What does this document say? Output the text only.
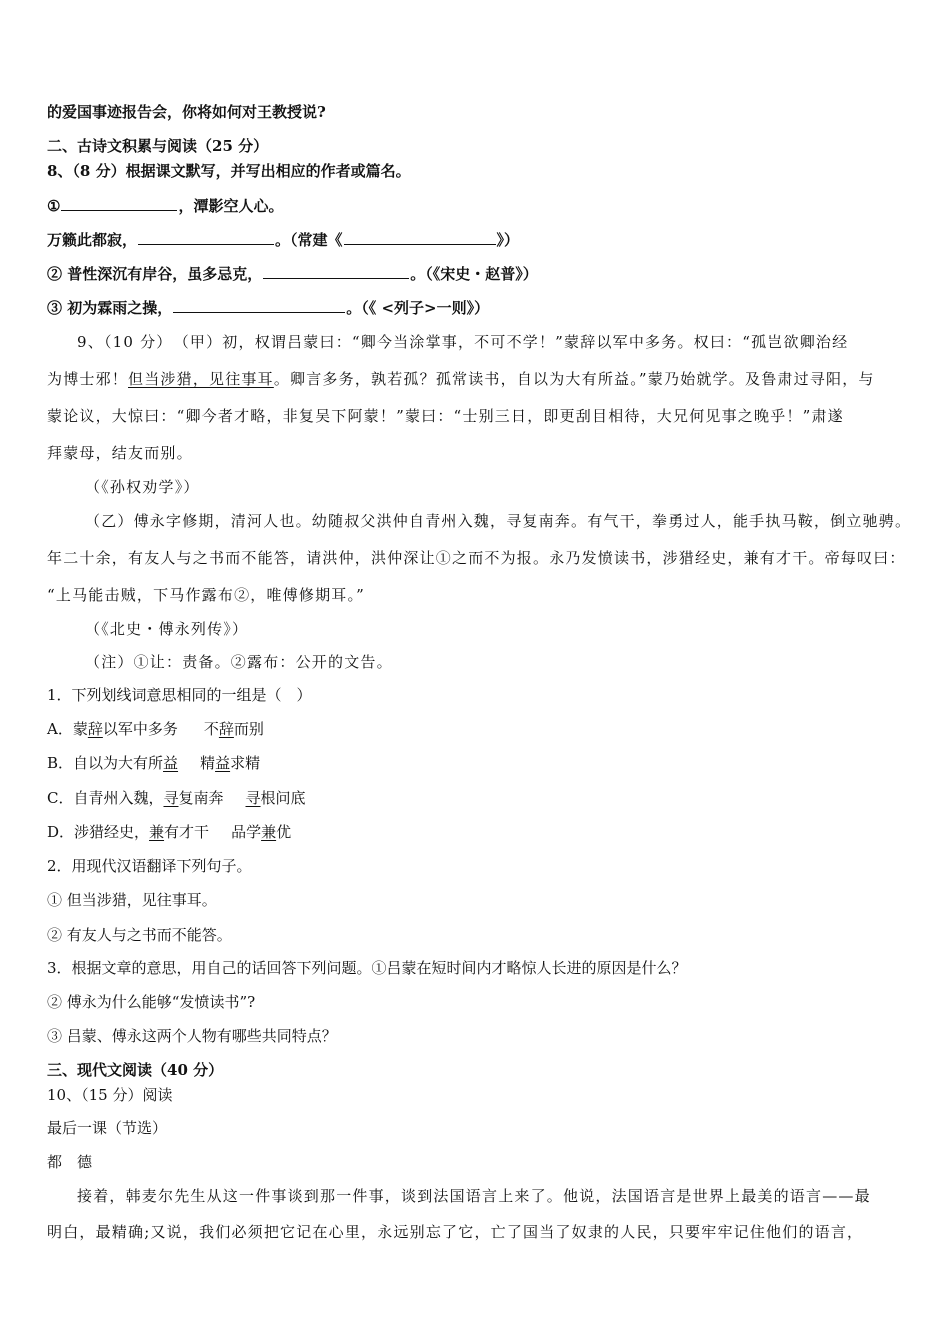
的爱国事迹报告会，你将如何对王教授说?
二、古诗文积累与阅读（25 分）
8、（8 分）根据课文默写，并写出相应的作者或篇名。
①	，潭影空人心。
万籁此都寂，	。（常建《	》）
② 普性深沉有岸谷，虽多忌克，	。（《宋史・赵普》）
③ 初为霖雨之操，	。（《 <列子>一则》）
9、（10 分）　（甲）初，权谓吕蒙曰：“卿今当涂掌事，不可不学！”蒙辞以军中多务。权曰：“孤岂欲卿治经
为博士邪！但当涉猎，见往事耳。卿言多务，孰若孤？孤常读书，自以为大有所益。”蒙乃始就学。及鲁肃过寻阳，与
蒙论议，大惊曰：“卿今者才略，非复吴下阿蒙！”蒙曰：“士别三日，即更刮目相待，大兄何见事之晚乎！”肃遂
拜蒙母，结友而别。
（《孙权劝学》）
（乙）傅永字修期，清河人也。幼随叔父洪仲自青州入魏，寻复南奔。有气干，拳勇过人，能手执马鞍，倒立驰骋。
年二十余，有友人与之书而不能答，请洪仲，洪仲深让①之而不为报。永乃发愤读书，涉猎经史，兼有才干。帝每叹曰：
“上马能击贼，下马作露布②，唯傅修期耳。”
（《北史・傅永列传》）
（注）①让：责备。②露布：公开的文告。
1．下列划线词意思相同的一组是（　）
A．蒙辞以军中多务 不辞而别
B．自以为大有所益 精益求精
C．自青州入魏，寻复南奔 寻根问底
D．涉猎经史，兼有才干 品学兼优
2．用现代汉语翻译下列句子。
① 但当涉猎，见往事耳。
② 有友人与之书而不能答。
3．根据文章的意思，用自己的话回答下列问题。①吕蒙在短时间内才略惊人长进的原因是什么？
② 傅永为什么能够“发愤读书”?
③ 吕蒙、傅永这两个人物有哪些共同特点？
三、现代文阅读（40 分）
10、（15 分）阅读
最后一课（节选）
都　德
接着，韩麦尔先生从这一件事谈到那一件事，谈到法国语言上来了。他说，法国语言是世界上最美的语言——最
明白，最精确;又说，我们必须把它记在心里，永远别忘了它，亡了国当了奴隶的人民，只要牢牢记住他们的语言，
